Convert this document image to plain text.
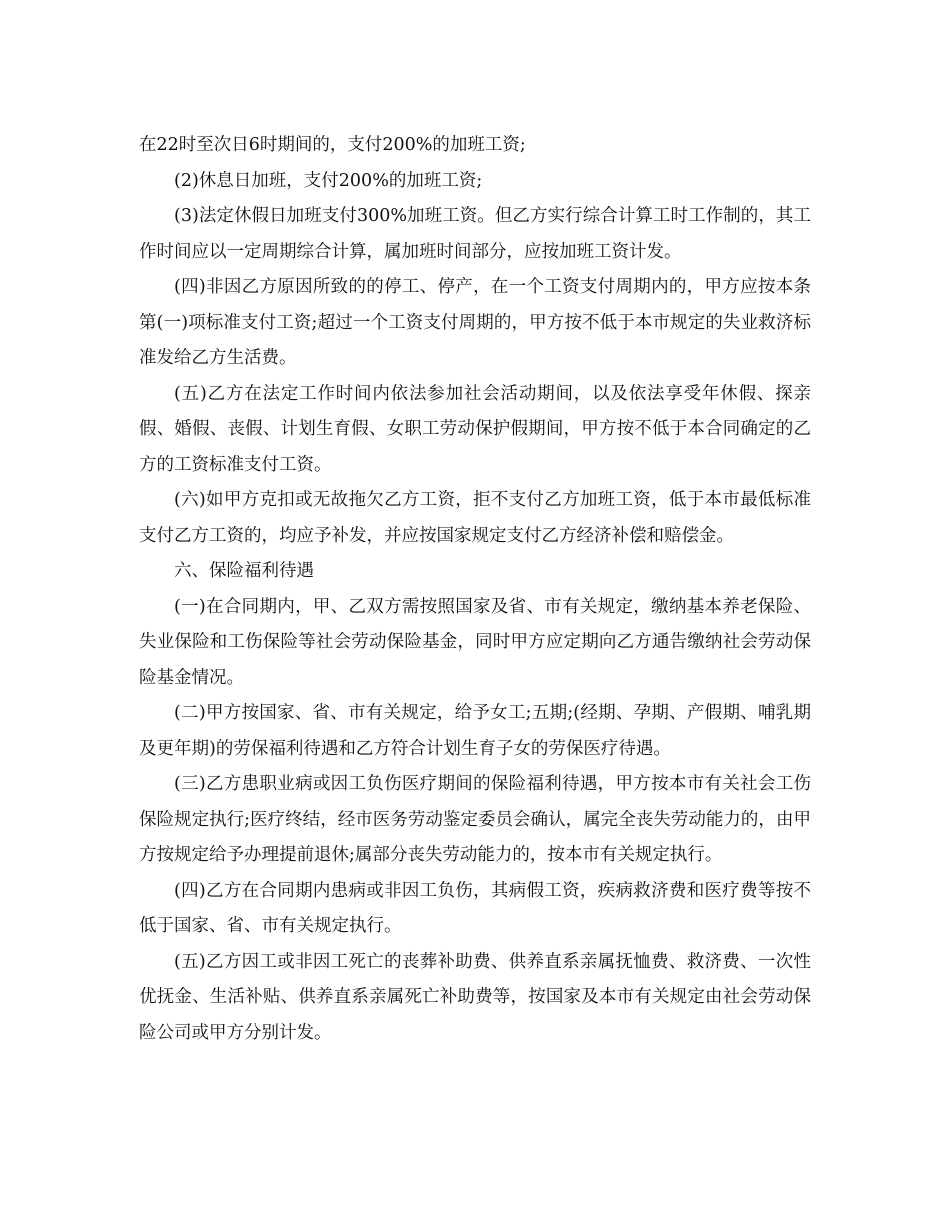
在22时至次日6时期间的，支付200%的加班工资;

(2)休息日加班，支付200%的加班工资;

(3)法定休假日加班支付300%加班工资。但乙方实行综合计算工时工作制的，其工作时间应以一定周期综合计算，属加班时间部分，应按加班工资计发。

(四)非因乙方原因所致的的停工、停产，在一个工资支付周期内的，甲方应按本条第(一)项标准支付工资;超过一个工资支付周期的，甲方按不低于本市规定的失业救济标准发给乙方生活费。

(五)乙方在法定工作时间内依法参加社会活动期间，以及依法享受年休假、探亲假、婚假、丧假、计划生育假、女职工劳动保护假期间，甲方按不低于本合同确定的乙方的工资标准支付工资。

(六)如甲方克扣或无故拖欠乙方工资，拒不支付乙方加班工资，低于本市最低标准支付乙方工资的，均应予补发，并应按国家规定支付乙方经济补偿和赔偿金。

六、保险福利待遇

(一)在合同期内，甲、乙双方需按照国家及省、市有关规定，缴纳基本养老保险、失业保险和工伤保险等社会劳动保险基金，同时甲方应定期向乙方通告缴纳社会劳动保险基金情况。

(二)甲方按国家、省、市有关规定，给予女工;五期;(经期、孕期、产假期、哺乳期及更年期)的劳保福利待遇和乙方符合计划生育子女的劳保医疗待遇。

(三)乙方患职业病或因工负伤医疗期间的保险福利待遇，甲方按本市有关社会工伤保险规定执行;医疗终结，经市医务劳动鉴定委员会确认，属完全丧失劳动能力的，由甲方按规定给予办理提前退休;属部分丧失劳动能力的，按本市有关规定执行。

(四)乙方在合同期内患病或非因工负伤，其病假工资，疾病救济费和医疗费等按不低于国家、省、市有关规定执行。

(五)乙方因工或非因工死亡的丧葬补助费、供养直系亲属抚恤费、救济费、一次性优抚金、生活补贴、供养直系亲属死亡补助费等，按国家及本市有关规定由社会劳动保险公司或甲方分别计发。
